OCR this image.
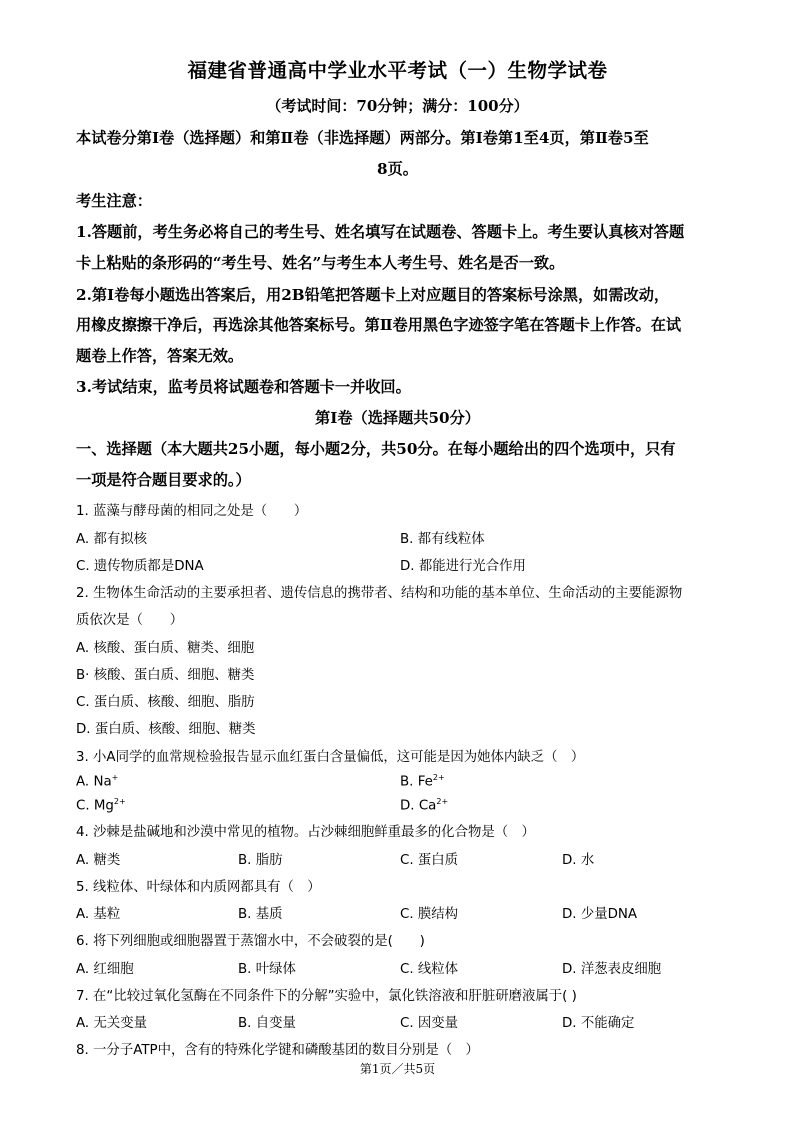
福建省普通高中学业水平考试（一）生物学试卷
（考试时间：70分钟；满分：100分）
本试卷分第Ⅰ卷（选择题）和第Ⅱ卷（非选择题）两部分。第Ⅰ卷第1至4页，第Ⅱ卷5至
8页。
考生注意：
1.答题前，考生务必将自己的考生号、姓名填写在试题卷、答题卡上。考生要认真核对答题
卡上粘贴的条形码的“考生号、姓名”与考生本人考生号、姓名是否一致。
2.第Ⅰ卷每小题选出答案后，用2B铅笔把答题卡上对应题目的答案标号涂黑，如需改动，
用橡皮擦擦干净后，再选涂其他答案标号。第Ⅱ卷用黑色字迹签字笔在答题卡上作答。在试
题卷上作答，答案无效。
3.考试结束，监考员将试题卷和答题卡一并收回。
第Ⅰ卷（选择题共50分）
一、选择题（本大题共25小题，每小题2分，共50分。在每小题给出的四个选项中，只有
一项是符合题目要求的。）
1. 蓝藻与酵母菌的相同之处是（　　）
A. 都有拟核	B. 都有线粒体
C. 遗传物质都是DNA	D. 都能进行光合作用
2. 生物体生命活动的主要承担者、遗传信息的携带者、结构和功能的基本单位、生命活动的主要能源物
质依次是（　　）
A. 核酸、蛋白质、糖类、细胞
B· 核酸、蛋白质、细胞、糖类
C. 蛋白质、核酸、细胞、脂肪
D. 蛋白质、核酸、细胞、糖类
3. 小A同学的血常规检验报告显示血红蛋白含量偏低，这可能是因为她体内缺乏（　）
A. Na+	B. $Fe^{2+}$
C. $Mg^{2+}$	D. $Ca^{2+}$
4. 沙棘是盐碱地和沙漠中常见的植物。占沙棘细胞鲜重最多的化合物是（　）
A. 糖类	B. 脂肪	C. 蛋白质	D. 水
5. 线粒体、叶绿体和内质网都具有（　）
A. 基粒	B. 基质	C. 膜结构	D. 少量DNA
6. 将下列细胞或细胞器置于蒸馏水中，不会破裂的是(　　)
A. 红细胞	B. 叶绿体	C. 线粒体	D. 洋葱表皮细胞
7. 在“比较过氧化氢酶在不同条件下的分解”实验中，氯化铁溶液和肝脏研磨液属于( )
A. 无关变量	B. 自变量	C. 因变量	D. 不能确定
8. 一分子ATP中，含有的特殊化学键和磷酸基团的数目分别是（　）
第1页／共5页
